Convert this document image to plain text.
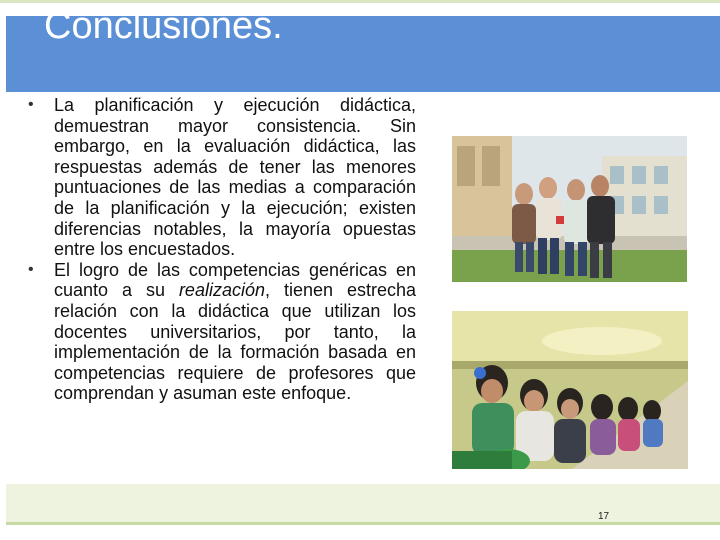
Conclusiones.
• La planificación y ejecución didáctica, demuestran mayor consistencia. Sin embargo, en la evaluación didáctica, las respuestas además de tener las menores puntuaciones de las medias a comparación de la planificación y la ejecución; existen diferencias notables, la mayoría opuestas entre los encuestados.
• El logro de las competencias genéricas en cuanto a su realización, tienen estrecha relación con la didáctica que utilizan los docentes universitarios, por tanto, la implementación de la formación basada en competencias requiere de profesores que comprendan y asuman este enfoque.
17
